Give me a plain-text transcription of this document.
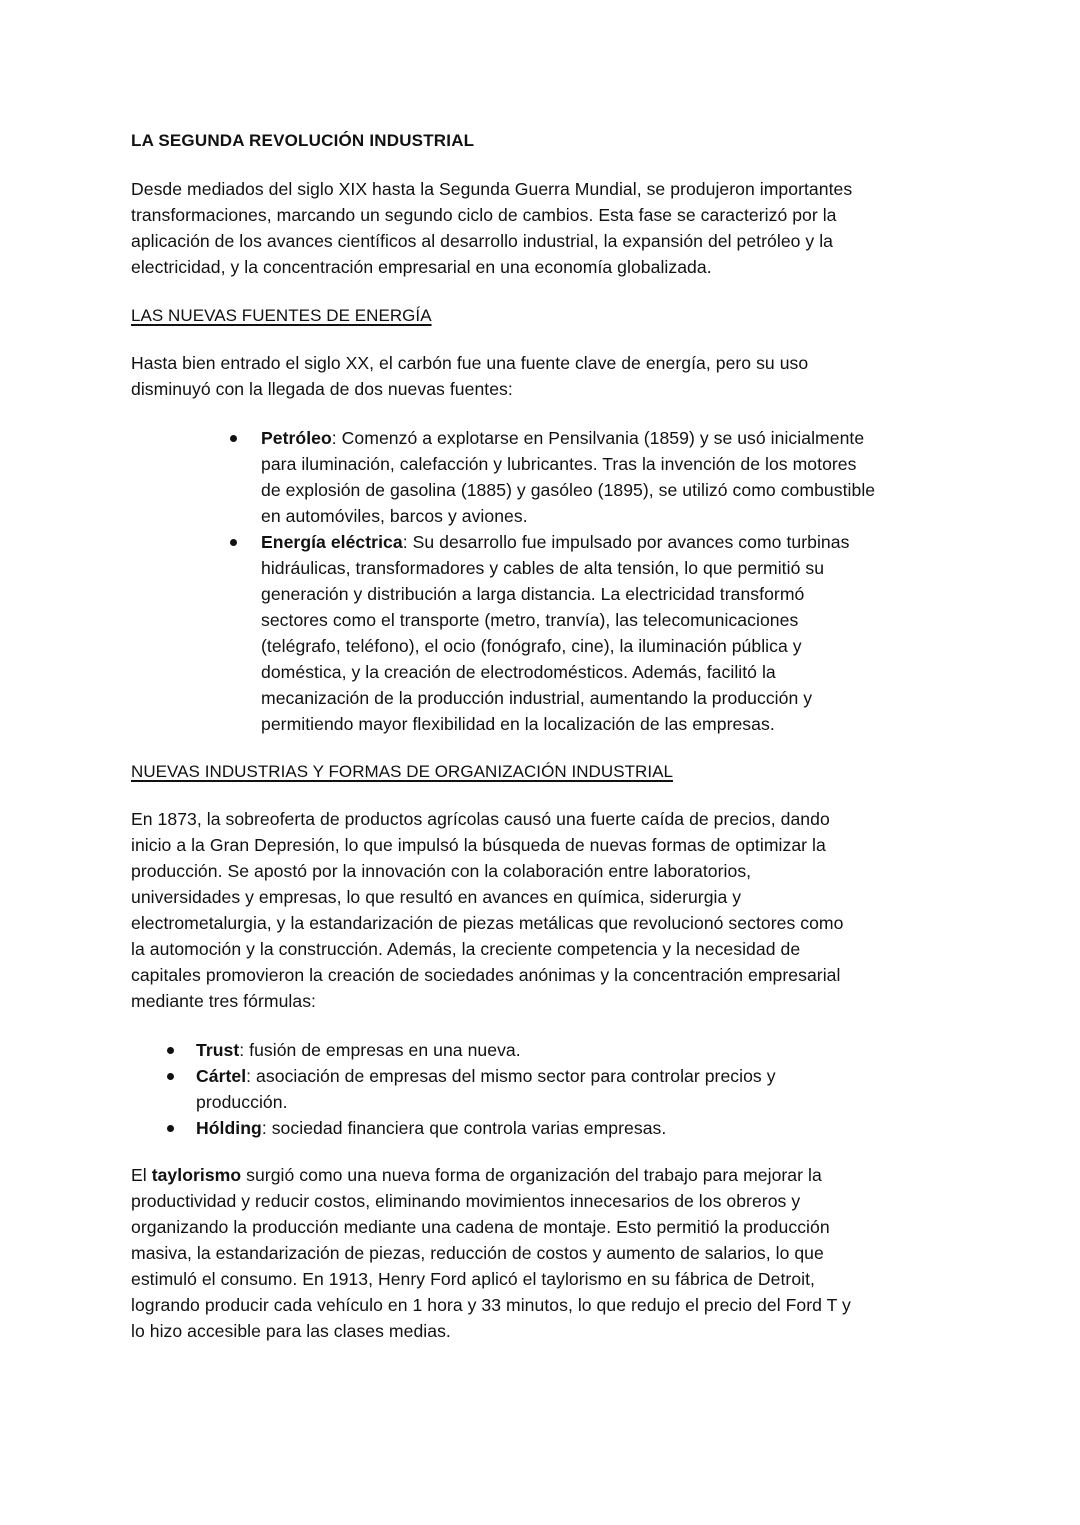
LA SEGUNDA REVOLUCIÓN INDUSTRIAL

Desde mediados del siglo XIX hasta la Segunda Guerra Mundial, se produjeron importantes
transformaciones, marcando un segundo ciclo de cambios. Esta fase se caracterizó por la
aplicación de los avances científicos al desarrollo industrial, la expansión del petróleo y la
electricidad, y la concentración empresarial en una economía globalizada.

LAS NUEVAS FUENTES DE ENERGÍA

Hasta bien entrado el siglo XX, el carbón fue una fuente clave de energía, pero su uso
disminuyó con la llegada de dos nuevas fuentes:

Petróleo: Comenzó a explotarse en Pensilvania (1859) y se usó inicialmente
para iluminación, calefacción y lubricantes. Tras la invención de los motores
de explosión de gasolina (1885) y gasóleo (1895), se utilizó como combustible
en automóviles, barcos y aviones.
Energía eléctrica: Su desarrollo fue impulsado por avances como turbinas
hidráulicas, transformadores y cables de alta tensión, lo que permitió su
generación y distribución a larga distancia. La electricidad transformó
sectores como el transporte (metro, tranvía), las telecomunicaciones
(telégrafo, teléfono), el ocio (fonógrafo, cine), la iluminación pública y
doméstica, y la creación de electrodomésticos. Además, facilitó la
mecanización de la producción industrial, aumentando la producción y
permitiendo mayor flexibilidad en la localización de las empresas.
NUEVAS INDUSTRIAS Y FORMAS DE ORGANIZACIÓN INDUSTRIAL

En 1873, la sobreoferta de productos agrícolas causó una fuerte caída de precios, dando
inicio a la Gran Depresión, lo que impulsó la búsqueda de nuevas formas de optimizar la
producción. Se apostó por la innovación con la colaboración entre laboratorios,
universidades y empresas, lo que resultó en avances en química, siderurgia y
electrometalurgia, y la estandarización de piezas metálicas que revolucionó sectores como
la automoción y la construcción. Además, la creciente competencia y la necesidad de
capitales promovieron la creación de sociedades anónimas y la concentración empresarial
mediante tres fórmulas:

Trust: fusión de empresas en una nueva.
Cártel: asociación de empresas del mismo sector para controlar precios y
producción.
Hólding: sociedad financiera que controla varias empresas.

El taylorismo surgió como una nueva forma de organización del trabajo para mejorar la
productividad y reducir costos, eliminando movimientos innecesarios de los obreros y
organizando la producción mediante una cadena de montaje. Esto permitió la producción
masiva, la estandarización de piezas, reducción de costos y aumento de salarios, lo que
estimuló el consumo. En 1913, Henry Ford aplicó el taylorismo en su fábrica de Detroit,
logrando producir cada vehículo en 1 hora y 33 minutos, lo que redujo el precio del Ford T y
lo hizo accesible para las clases medias.
